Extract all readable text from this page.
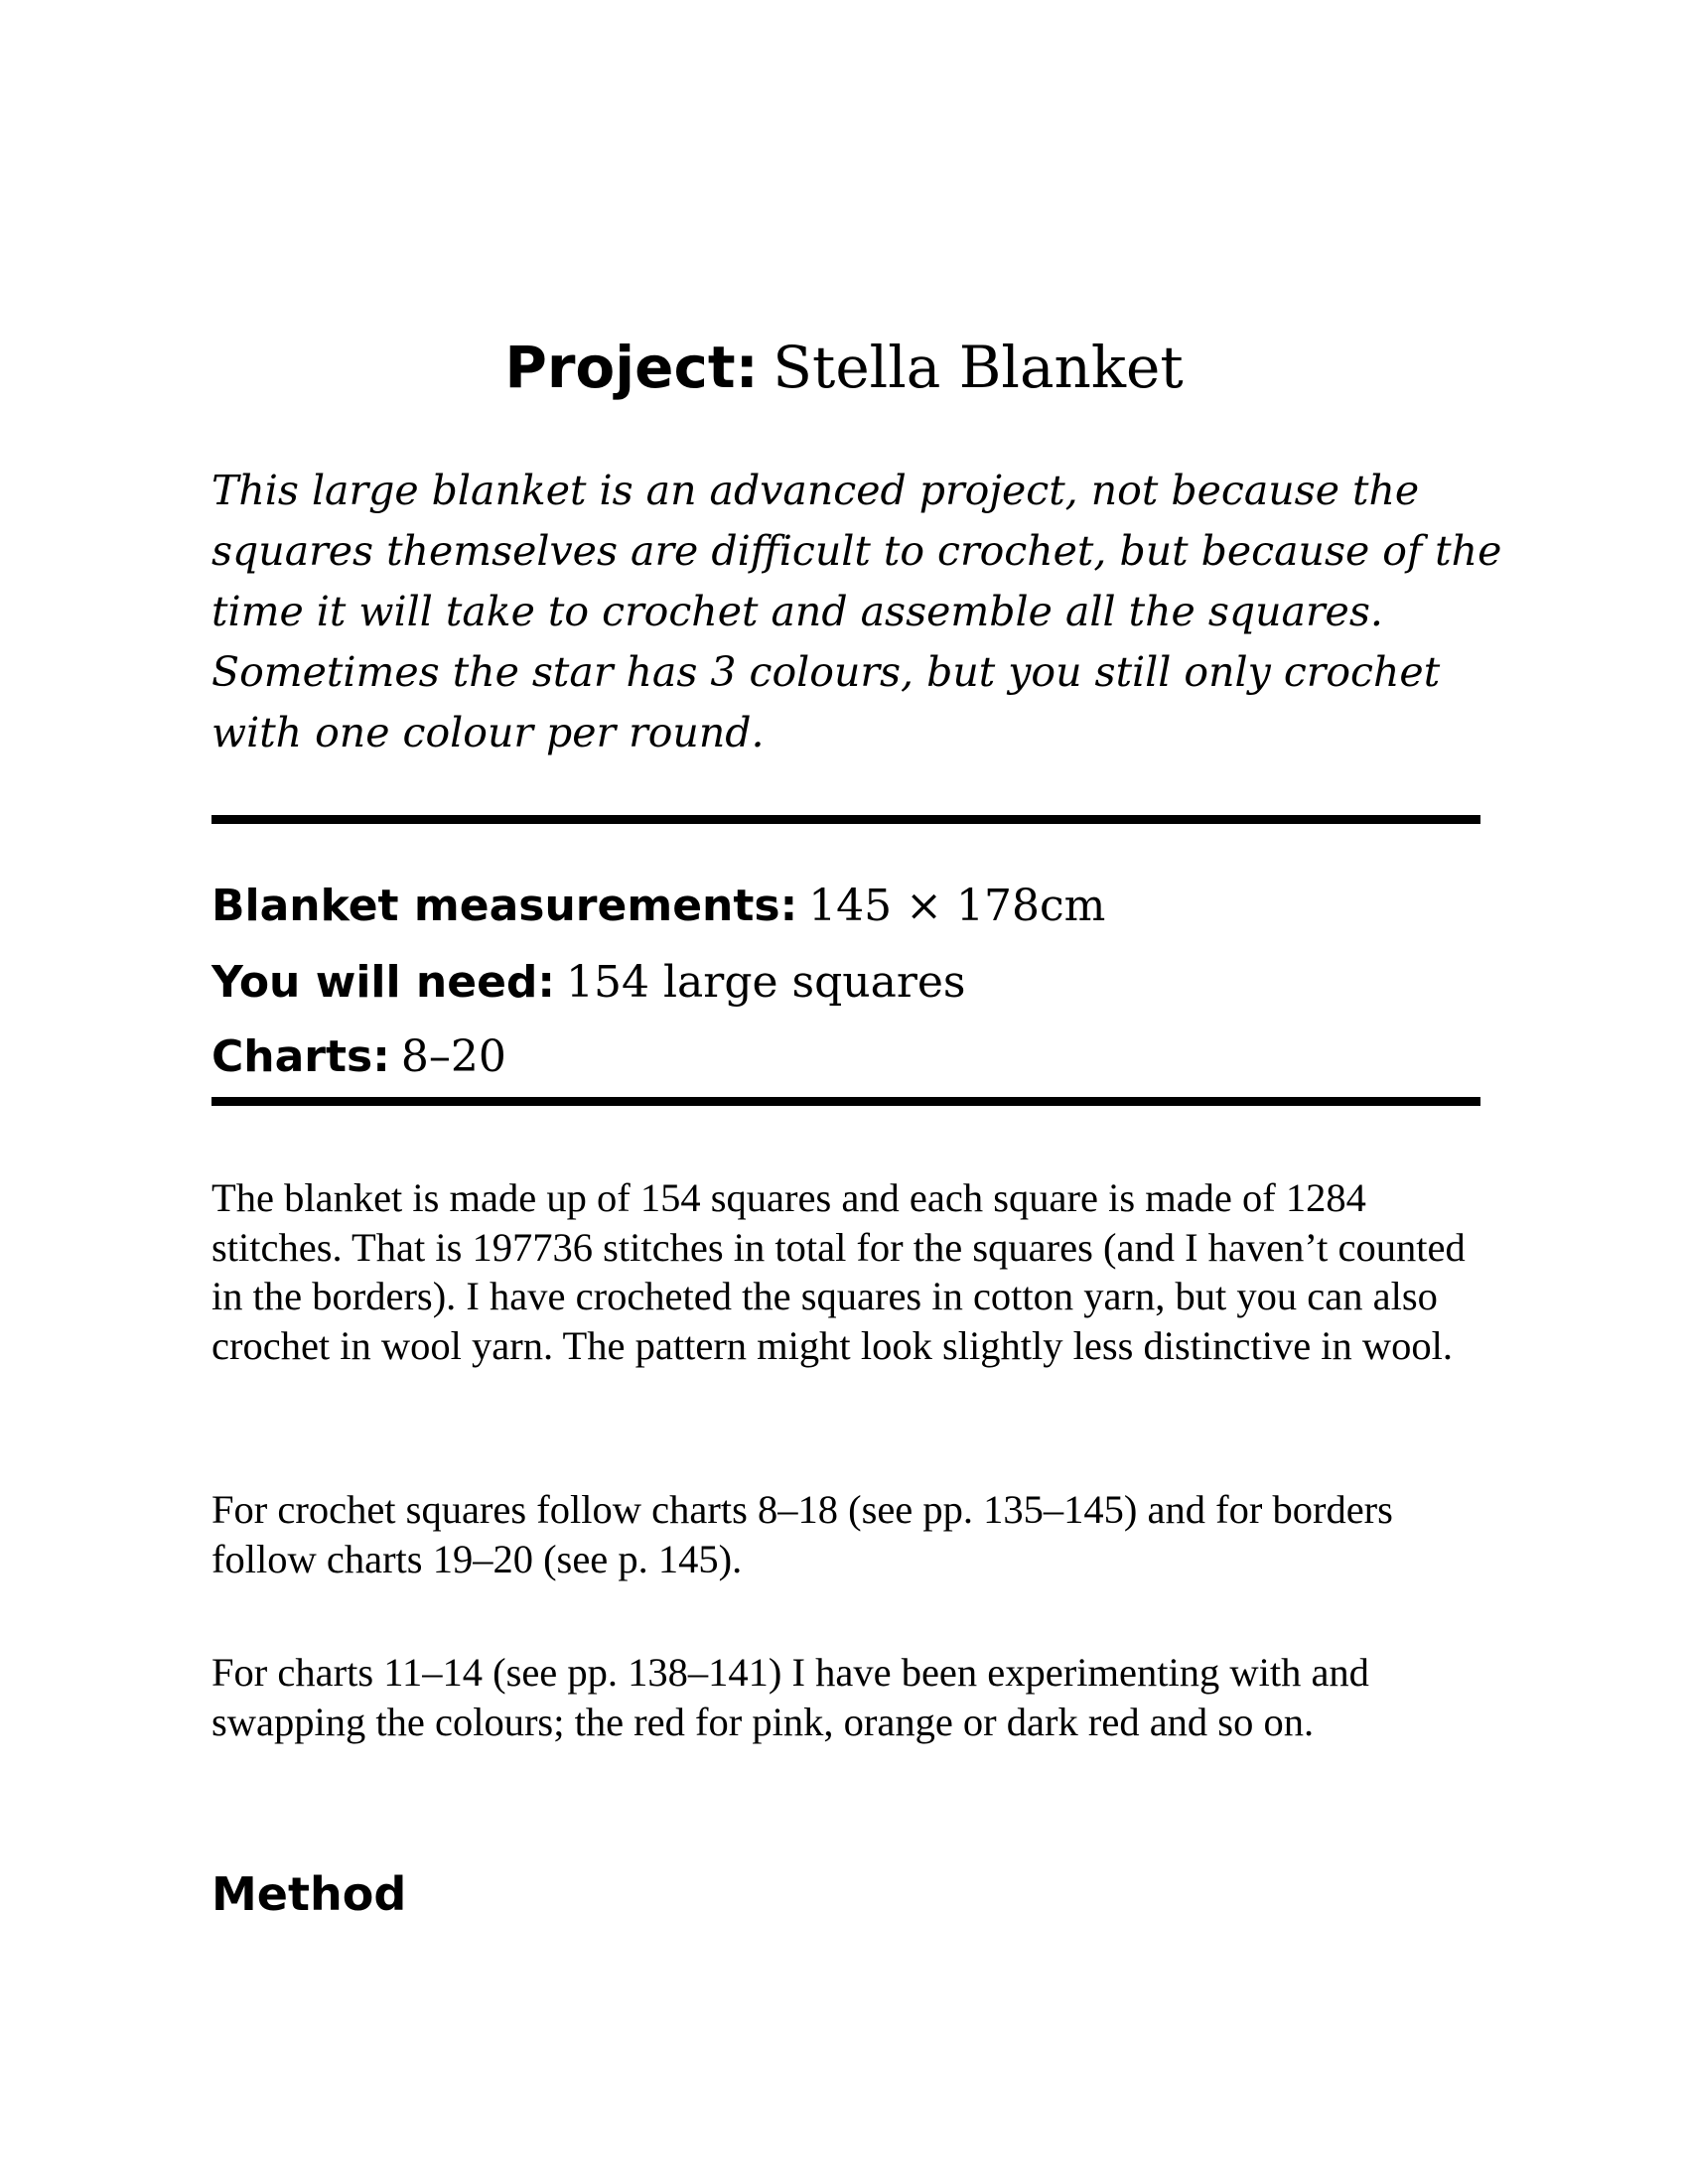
Project: Stella Blanket

This large blanket is an advanced project, not because the squares themselves are difficult to crochet, but because of the time it will take to crochet and assemble all the squares. Sometimes the star has 3 colours, but you still only crochet with one colour per round.

Blanket measurements: 145 × 178cm

You will need: 154 large squares

Charts: 8–20

The blanket is made up of 154 squares and each square is made of 1284 stitches. That is 197736 stitches in total for the squares (and I haven’t counted in the borders). I have crocheted the squares in cotton yarn, but you can also crochet in wool yarn. The pattern might look slightly less distinctive in wool.

For crochet squares follow charts 8–18 (see pp. 135–145) and for borders follow charts 19–20 (see p. 145).

For charts 11–14 (see pp. 138–141) I have been experimenting with and swapping the colours; the red for pink, orange or dark red and so on.

Method
